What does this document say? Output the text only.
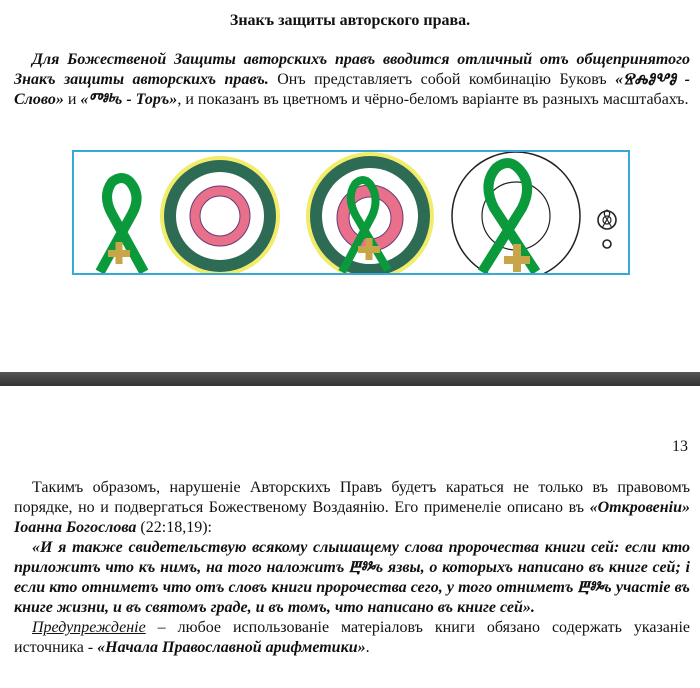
Знакъ защиты авторского права.
Для Божественой Защиты авторскихъ правъ вводится отличный отъ общепринятого Знакъ защиты авторскихъ правъ. Онъ представляетъ собой комбинацію Буковъ «ⰔⰎⰑⰂⰑ - Слово» и «Ⱅⱁⱃъ - Торъ», и показанъ въ цветномъ и чёрно-беломъ варіанте въ разныхъ масштабахъ.
13

Такимъ образомъ, нарушеніе Авторскихъ Правъ будетъ караться не только въ правовомъ порядке, но и подвергаться Божественому Воздаянію. Его применеліе описано въ «Откровеніи» Іоанна Богослова (22:18,19):

«И я также свидетельствую всякому слышащему слова пророчества книги сей: если кто приложитъ что къ нимъ, на того наложитъ Ⰱⱁⰳъ язвы, о которыхъ написано въ книге сей; і если кто отниметъ что отъ словъ книги пророчества сего, у того отниметъ Ⰱⱁⰳъ участіе въ книге жизни, и въ святомъ граде, и въ томъ, что написано въ книге сей».

Предупрежденіе – любое использованіе матеріаловъ книги обязано содержать указаніе источника - «Начала Православной арифметики».
